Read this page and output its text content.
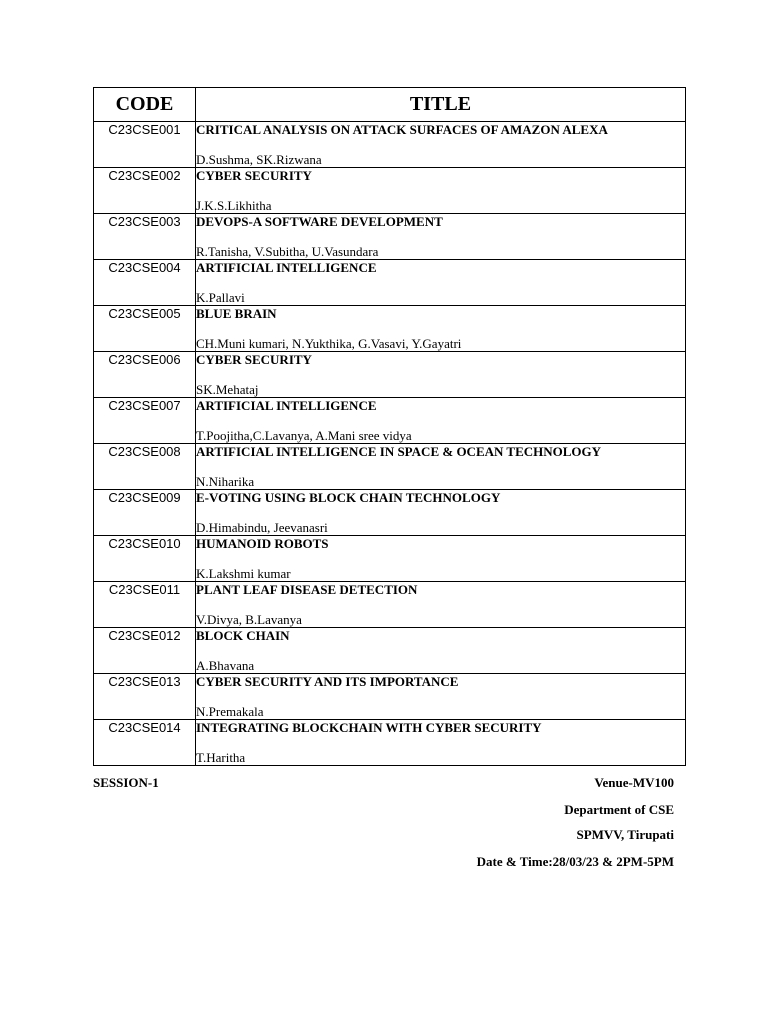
CODE	TITLE
C23CSE001	CRITICAL ANALYSIS ON ATTACK SURFACES OF AMAZON ALEXA
D.Sushma, SK.Rizwana

C23CSE002	CYBER SECURITY
J.K.S.Likhitha

C23CSE003	DEVOPS-A SOFTWARE DEVELOPMENT
R.Tanisha, V.Subitha, U.Vasundara

C23CSE004	ARTIFICIAL INTELLIGENCE
K.Pallavi

C23CSE005	BLUE BRAIN
CH.Muni kumari, N.Yukthika, G.Vasavi, Y.Gayatri

C23CSE006	CYBER SECURITY
SK.Mehataj

C23CSE007	ARTIFICIAL INTELLIGENCE
T.Poojitha,C.Lavanya, A.Mani sree vidya

C23CSE008	ARTIFICIAL INTELLIGENCE IN SPACE & OCEAN TECHNOLOGY
N.Niharika

C23CSE009	E-VOTING USING BLOCK CHAIN TECHNOLOGY
D.Himabindu, Jeevanasri

C23CSE010	HUMANOID ROBOTS
K.Lakshmi kumar

C23CSE011	PLANT LEAF DISEASE DETECTION
V.Divya, B.Lavanya

C23CSE012	BLOCK CHAIN
A.Bhavana

C23CSE013	CYBER SECURITY AND ITS IMPORTANCE
N.Premakala

C23CSE014	INTEGRATING BLOCKCHAIN WITH CYBER SECURITY
T.Haritha
SESSION-1	Venue-MV100
Department of CSE
SPMVV, Tirupati
Date & Time:28/03/23 & 2PM-5PM
